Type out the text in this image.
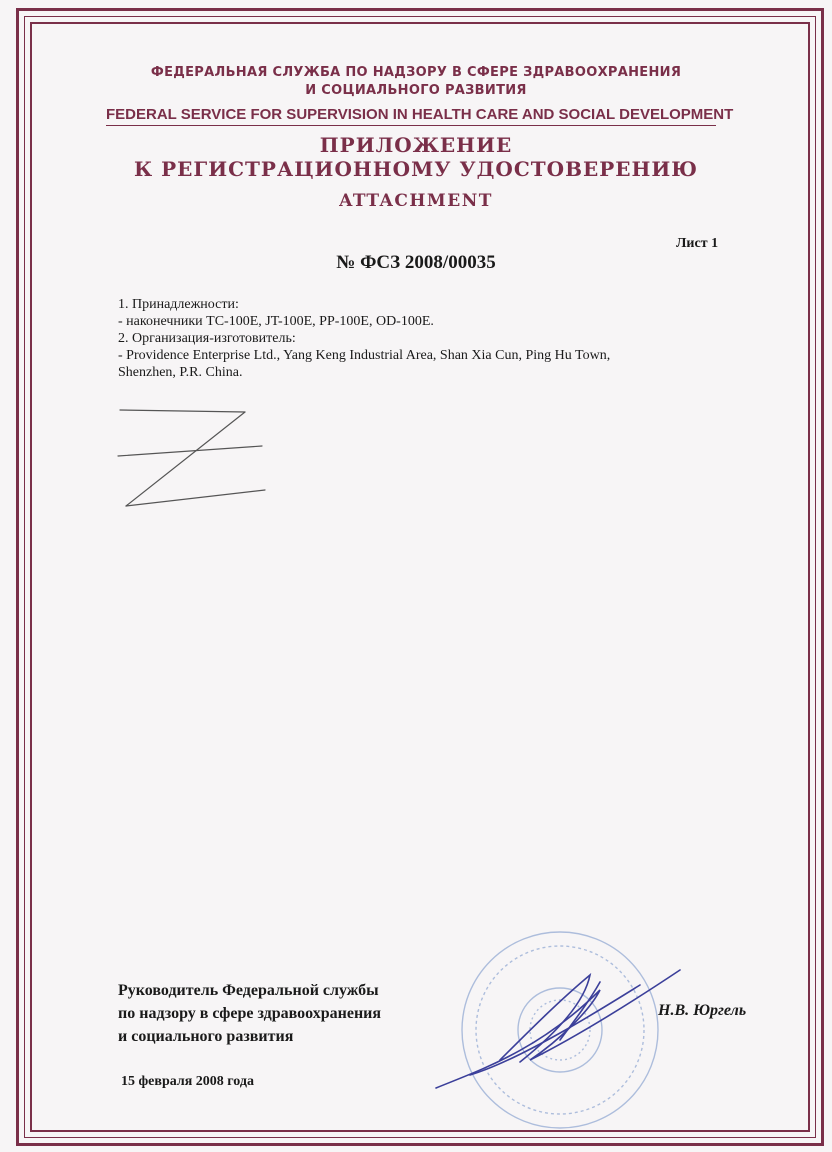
ФЕДЕРАЛЬНАЯ СЛУЖБА ПО НАДЗОРУ В СФЕРЕ ЗДРАВООХРАНЕНИЯ
И СОЦИАЛЬНОГО РАЗВИТИЯ
FEDERAL SERVICE FOR SUPERVISION IN HEALTH CARE AND SOCIAL DEVELOPMENT
ПРИЛОЖЕНИЕ
К РЕГИСТРАЦИОННОМУ УДОСТОВЕРЕНИЮ
ATTACHMENT
Лист 1
№ ФСЗ 2008/00035
1. Принадлежности:
- наконечники TC-100E, JT-100E, PP-100E, OD-100E.
2. Организация-изготовитель:
- Providence Enterprise Ltd., Yang Keng Industrial Area, Shan Xia Cun, Ping Hu Town,
Shenzhen, P.R. China.
Руководитель Федеральной службы
по надзору в сфере здравоохранения
и социального развития
Н.В. Юргель
15 февраля 2008 года
